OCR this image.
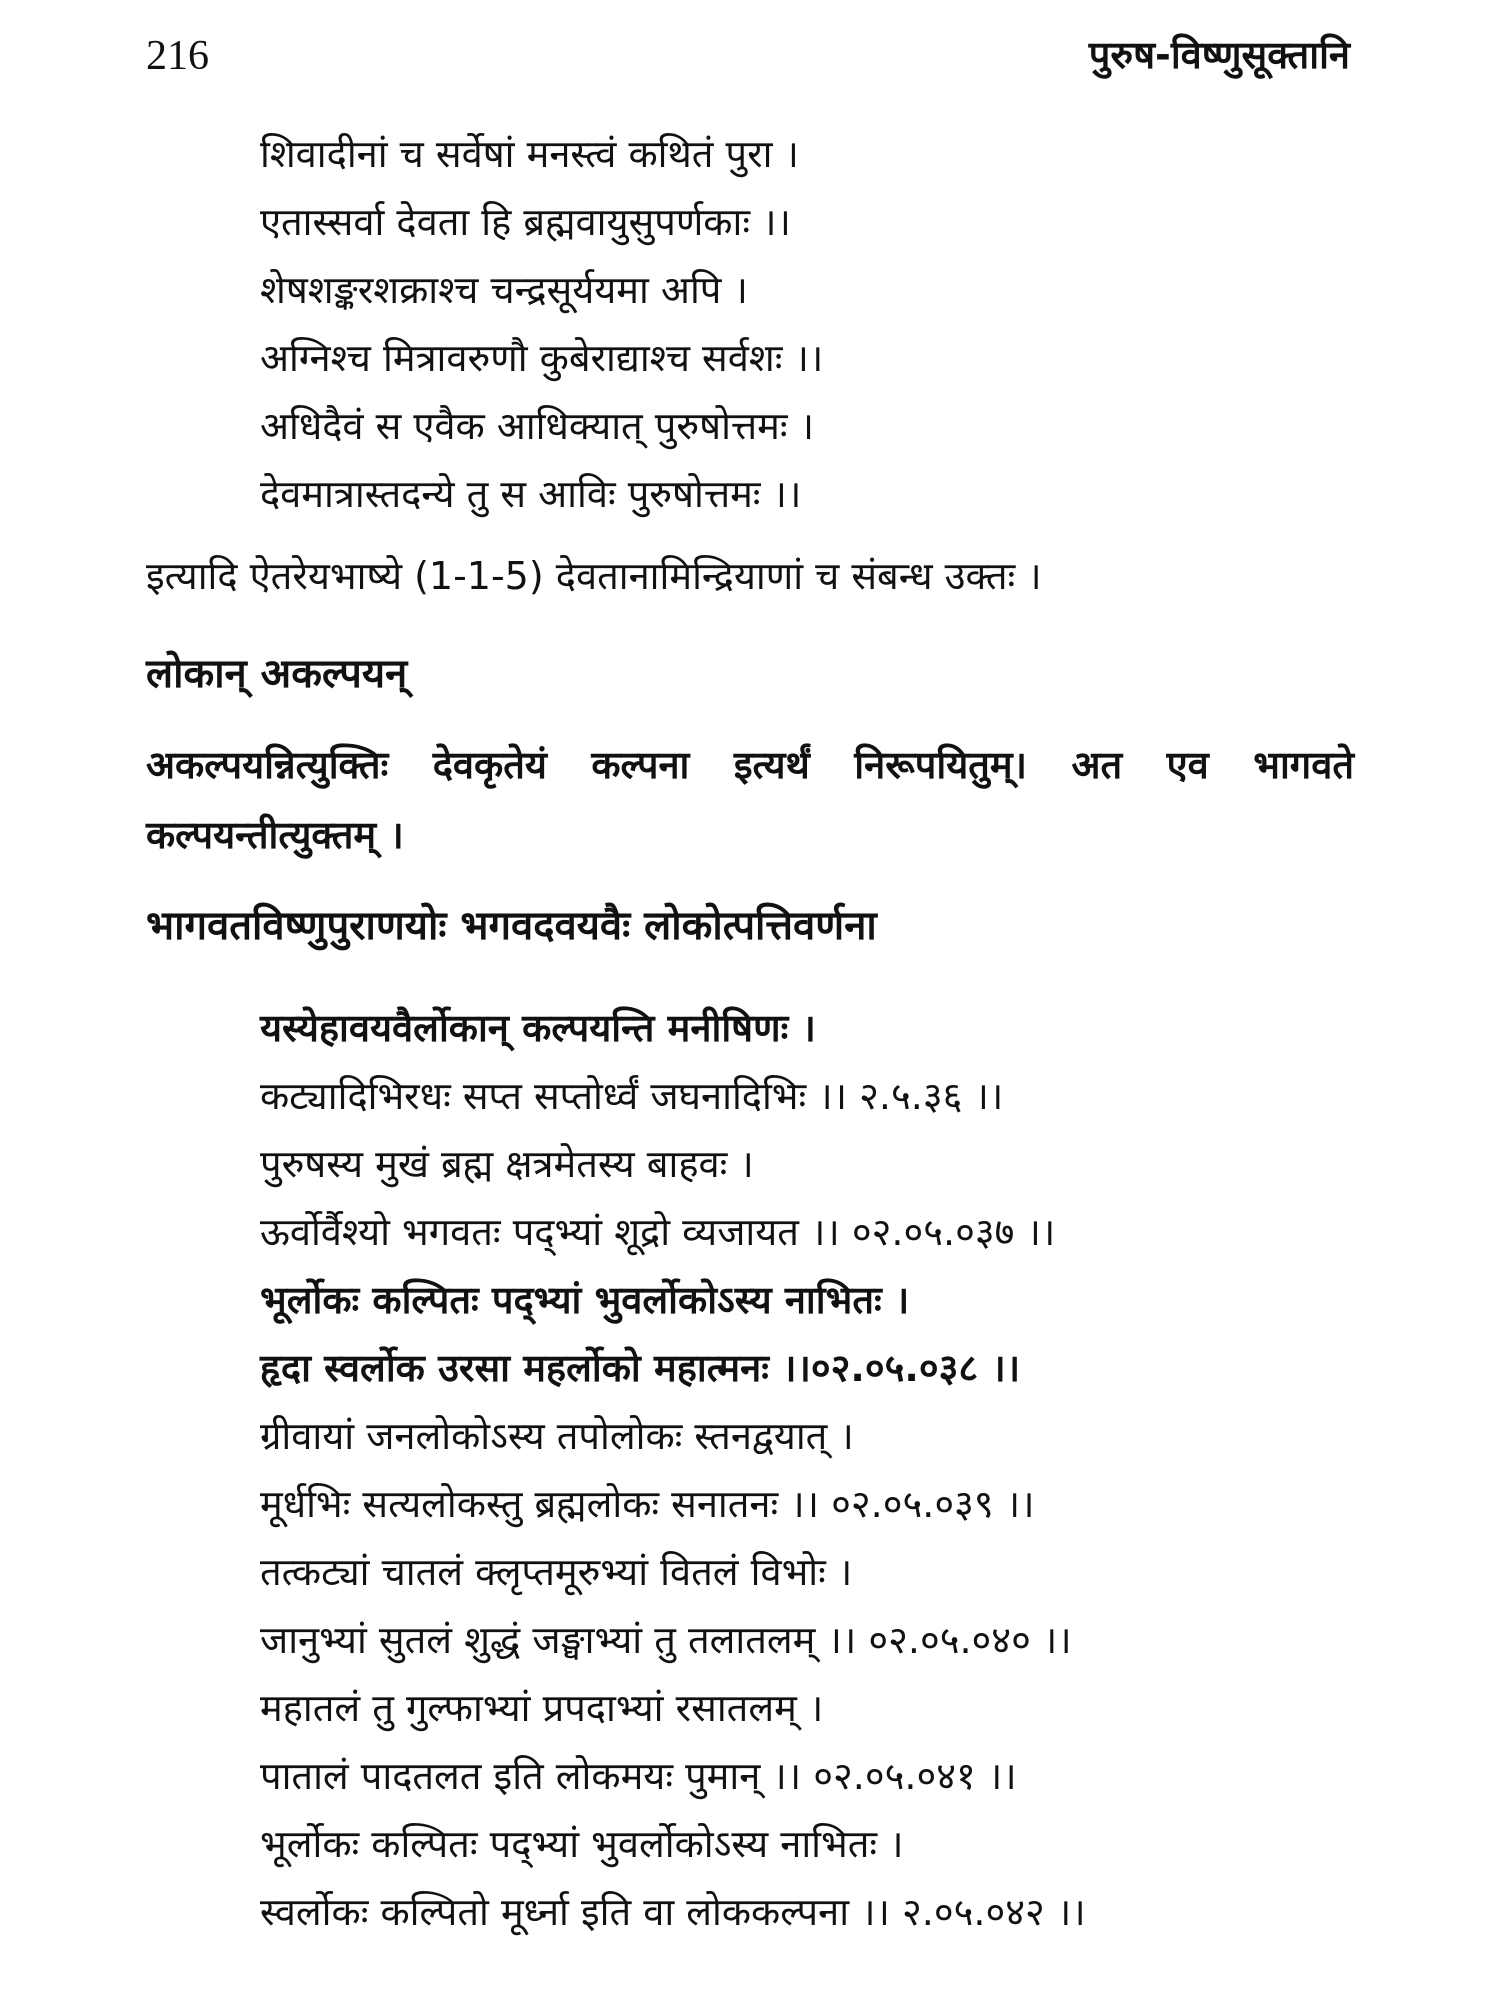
216	पुरुष-विष्णुसूक्तानि
शिवादीनां च सर्वेषां मनस्त्वं कथितं पुरा ।
एतास्सर्वा देवता हि ब्रह्मवायुसुपर्णकाः ।।
शेषशङ्करशक्राश्च चन्द्रसूर्ययमा अपि ।
अग्निश्च मित्रावरुणौ कुबेराद्याश्च सर्वशः ।।
अधिदैवं स एवैक आधिक्यात् पुरुषोत्तमः ।
देवमात्रास्तदन्ये तु स आविः पुरुषोत्तमः ।।
इत्यादि ऐतरेयभाष्ये (1-1-5) देवतानामिन्द्रियाणां च संबन्ध उक्तः ।
लोकान् अकल्पयन्
अकल्पयन्नित्युक्तिः देवकृतेयं कल्पना इत्यर्थं निरूपयितुम्। अत एव भागवते कल्पयन्तीत्युक्तम् ।
भागवतविष्णुपुराणयोः भगवदवयवैः लोकोत्पत्तिवर्णना
यस्येहावयवैर्लोकान् कल्पयन्ति मनीषिणः ।
कट्यादिभिरधः सप्त सप्तोर्ध्वं जघनादिभिः ।। २.५.३६ ।।
पुरुषस्य मुखं ब्रह्म क्षत्रमेतस्य बाहवः ।
ऊर्वोर्वैश्यो भगवतः पद्भ्यां शूद्रो व्यजायत ।। ०२.०५.०३७ ।।
भूर्लोकः कल्पितः पद्भ्यां भुवर्लोकोऽस्य नाभितः ।
हृदा स्वर्लोक उरसा महर्लोको महात्मनः ।।०२.०५.०३८ ।।
ग्रीवायां जनलोकोऽस्य तपोलोकः स्तनद्वयात् ।
मूर्धभिः सत्यलोकस्तु ब्रह्मलोकः सनातनः ।। ०२.०५.०३९ ।।
तत्कट्यां चातलं क्लृप्तमूरुभ्यां वितलं विभोः ।
जानुभ्यां सुतलं शुद्धं जङ्घाभ्यां तु तलातलम् ।। ०२.०५.०४० ।।
महातलं तु गुल्फाभ्यां प्रपदाभ्यां रसातलम् ।
पातालं पादतलत इति लोकमयः पुमान् ।। ०२.०५.०४१ ।।
भूर्लोकः कल्पितः पद्भ्यां भुवर्लोकोऽस्य नाभितः ।
स्वर्लोकः कल्पितो मूर्ध्ना इति वा लोककल्पना ।। २.०५.०४२ ।।
